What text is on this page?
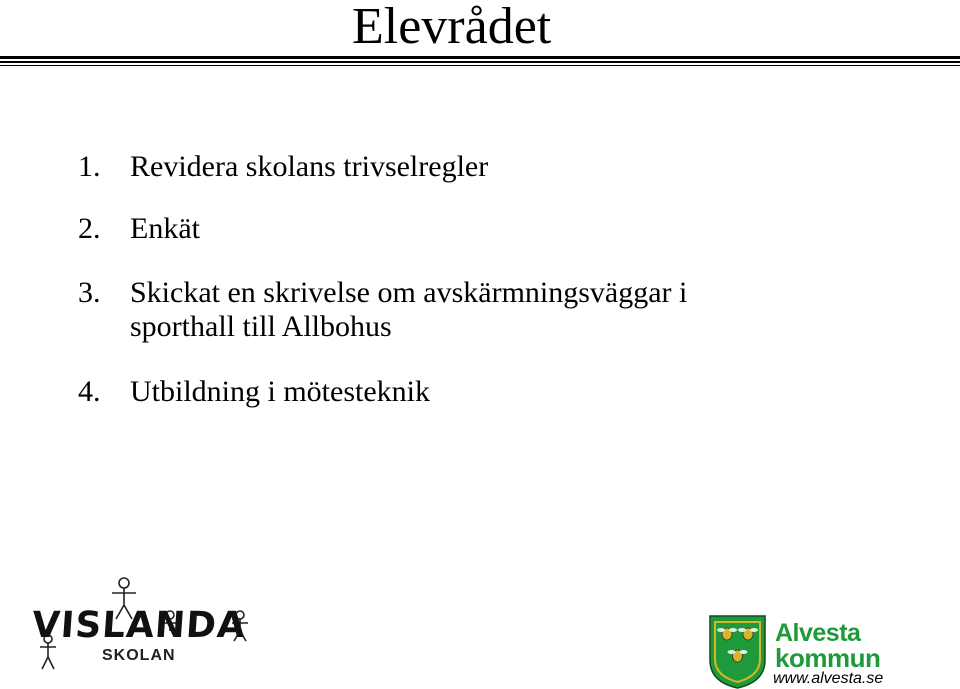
Elevrådet
1. Revidera skolans trivselregler
2. Enkät
3. Skickat en skrivelse om avskärmningsväggar i
sporthall till Allbohus
4. Utbildning i mötesteknik
VISLANDA
SKOLAN
Alvesta
kommun
www.alvesta.se
